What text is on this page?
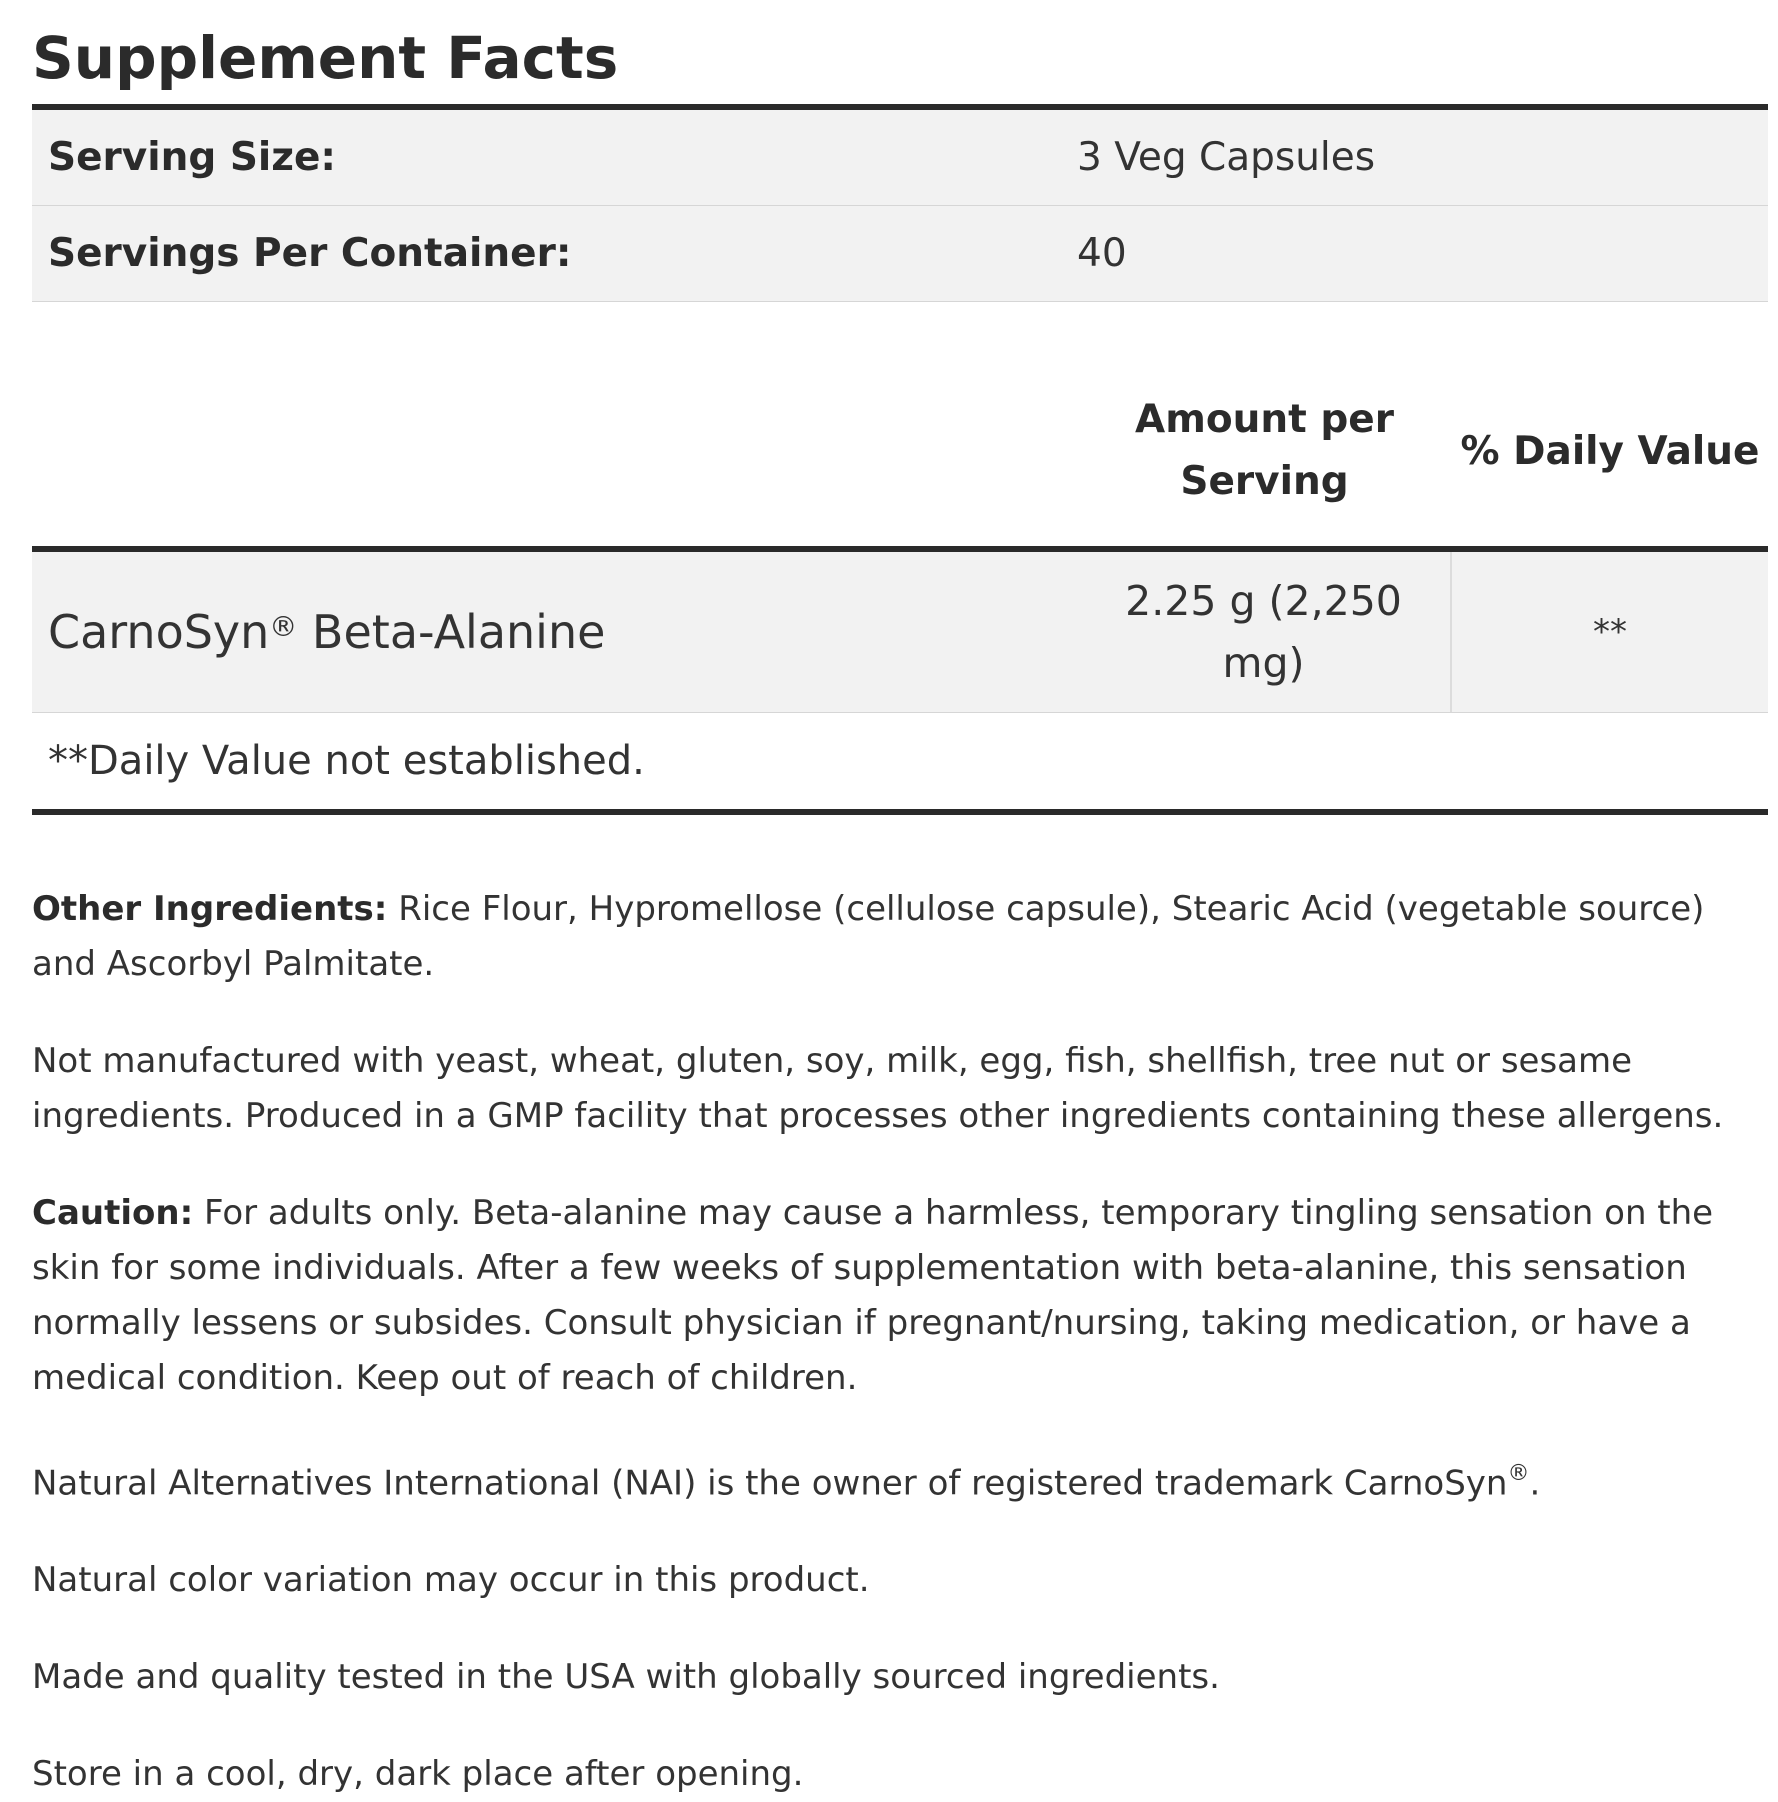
Supplement Facts
Serving Size:	3 Veg Capsules
Servings Per Container:	40
Amount per
Serving
% Daily Value
CarnoSyn® Beta-Alanine
2.25 g (2,250
mg)
**
**Daily Value not established.

Other Ingredients: Rice Flour, Hypromellose (cellulose capsule), Stearic Acid (vegetable source) and Ascorbyl Palmitate.

Not manufactured with yeast, wheat, gluten, soy, milk, egg, fish, shellfish, tree nut or sesame ingredients. Produced in a GMP facility that processes other ingredients containing these allergens.

Caution: For adults only. Beta-alanine may cause a harmless, temporary tingling sensation on the skin for some individuals. After a few weeks of supplementation with beta-alanine, this sensation normally lessens or subsides. Consult physician if pregnant/nursing, taking medication, or have a medical condition. Keep out of reach of children.

Natural Alternatives International (NAI) is the owner of registered trademark CarnoSyn®.

Natural color variation may occur in this product.

Made and quality tested in the USA with globally sourced ingredients.

Store in a cool, dry, dark place after opening.
